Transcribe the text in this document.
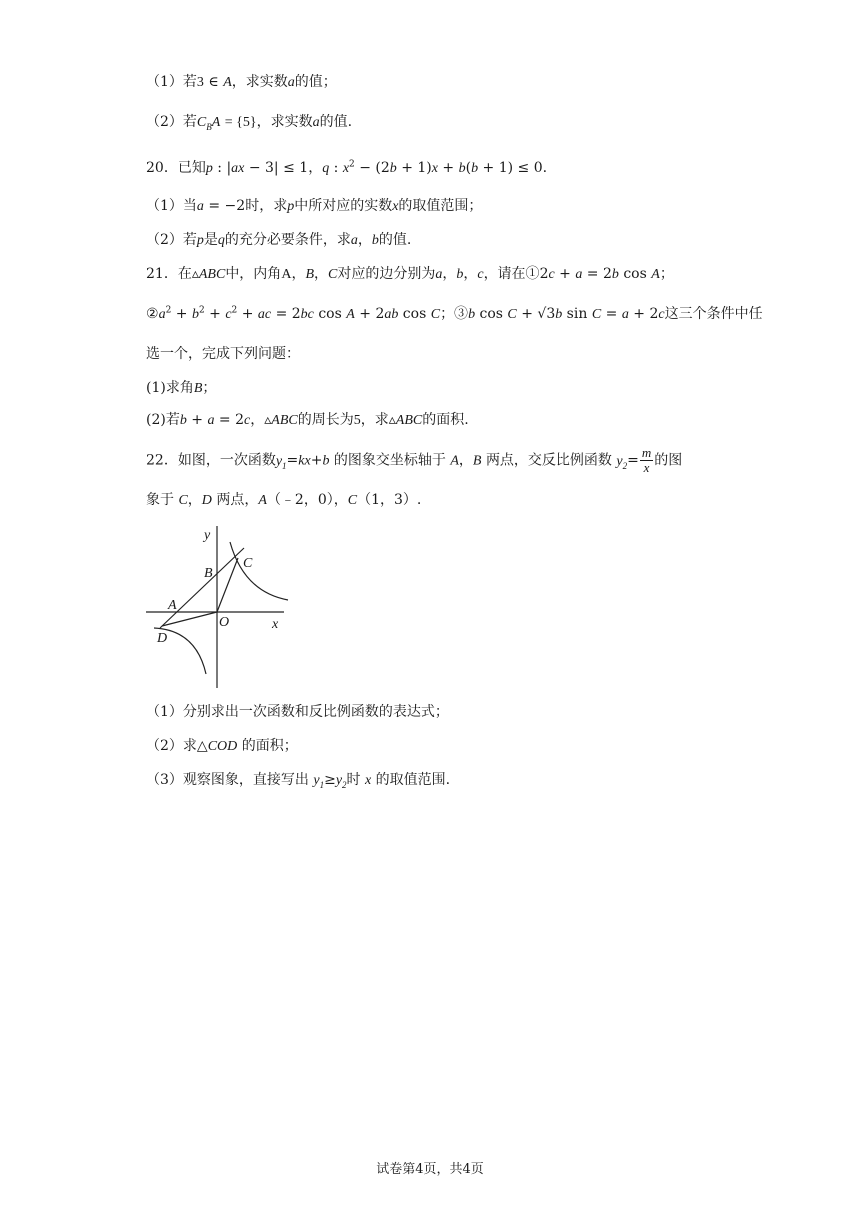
（1）若3 ∈ A，求实数a的值；
（2）若$C_BA = \{5\}$，求实数a的值.
20．已知p : |ax − 3| ≤ 1，q : $x^2 - (2b + 1)x + b(b + 1) \le 0$.
（1）当a = −2时，求p中所对应的实数x的取值范围；
（2）若p是q的充分必要条件，求a，b的值.
21．在▵ABC中，内角A，B，C对应的边分别为a，b，c，请在①2c + a = 2b cos A；
$②a^2 + b^2 + c^2$ + ac = 2bc cos A + 2ab cos C；③b cos C + √3b sin C = a + 2c这三个条件中任
选一个，完成下列问题：
(1)求角B；
(2)若b + a = 2c，▵ABC的周长为5，求▵ABC的面积.
22．如图，一次函数$y_1=kx+b$ 的图象交坐标轴于 A，B 两点，交反比例函数 $y_2= \frac{m}{x}$ 的图
象于 C，D 两点，A（﹣2，0），C（1，3）.
y
x
C
B
A
O
D
（1）分别求出一次函数和反比例函数的表达式；
（2）求△COD 的面积；
（3）观察图象，直接写出 $y_1\ge y_2$时 x 的取值范围.
试卷第4页，共4页
